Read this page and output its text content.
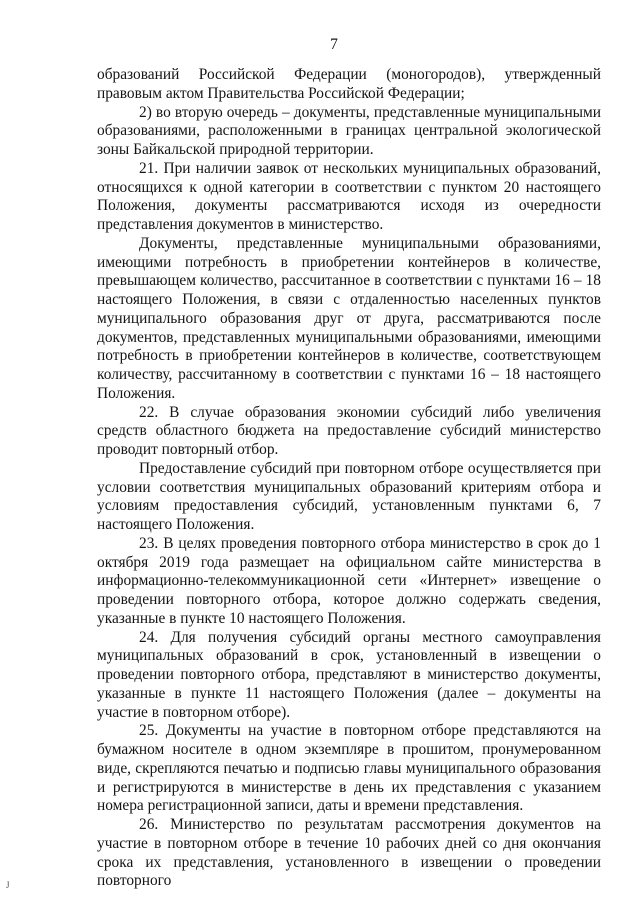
7

образований Российской Федерации (моногородов), утвержденный правовым актом Правительства Российской Федерации;

2) во вторую очередь – документы, представленные муниципальными образованиями, расположенными в границах центральной экологической зоны Байкальской природной территории.

21. При наличии заявок от нескольких муниципальных образований, относящихся к одной категории в соответствии с пунктом 20 настоящего Положения, документы рассматриваются исходя из очередности представления документов в министерство.

Документы, представленные муниципальными образованиями, имеющими потребность в приобретении контейнеров в количестве, превышающем количество, рассчитанное в соответствии с пунктами 16 – 18 настоящего Положения, в связи с отдаленностью населенных пунктов муниципального образования друг от друга, рассматриваются после документов, представленных муниципальными образованиями, имеющими потребность в приобретении контейнеров в количестве, соответствующем количеству, рассчитанному в соответствии с пунктами 16 – 18 настоящего Положения.

22. В случае образования экономии субсидий либо увеличения средств областного бюджета на предоставление субсидий министерство проводит повторный отбор.

Предоставление субсидий при повторном отборе осуществляется при условии соответствия муниципальных образований критериям отбора и условиям предоставления субсидий, установленным пунктами 6, 7 настоящего Положения.

23. В целях проведения повторного отбора министерство в срок до 1 октября 2019 года размещает на официальном сайте министерства в информационно-телекоммуникационной сети «Интернет» извещение о проведении повторного отбора, которое должно содержать сведения, указанные в пункте 10 настоящего Положения.

24. Для получения субсидий органы местного самоуправления муниципальных образований в срок, установленный в извещении о проведении повторного отбора, представляют в министерство документы, указанные в пункте 11 настоящего Положения (далее – документы на участие в повторном отборе).

25. Документы на участие в повторном отборе представляются на бумажном носителе в одном экземпляре в прошитом, пронумерованном виде, скрепляются печатью и подписью главы муниципального образования и регистрируются в министерстве в день их представления с указанием номера регистрационной записи, даты и времени представления.

26. Министерство по результатам рассмотрения документов на участие в повторном отборе в течение 10 рабочих дней со дня окончания срока их представления, установленного в извещении о проведении повторного

J
